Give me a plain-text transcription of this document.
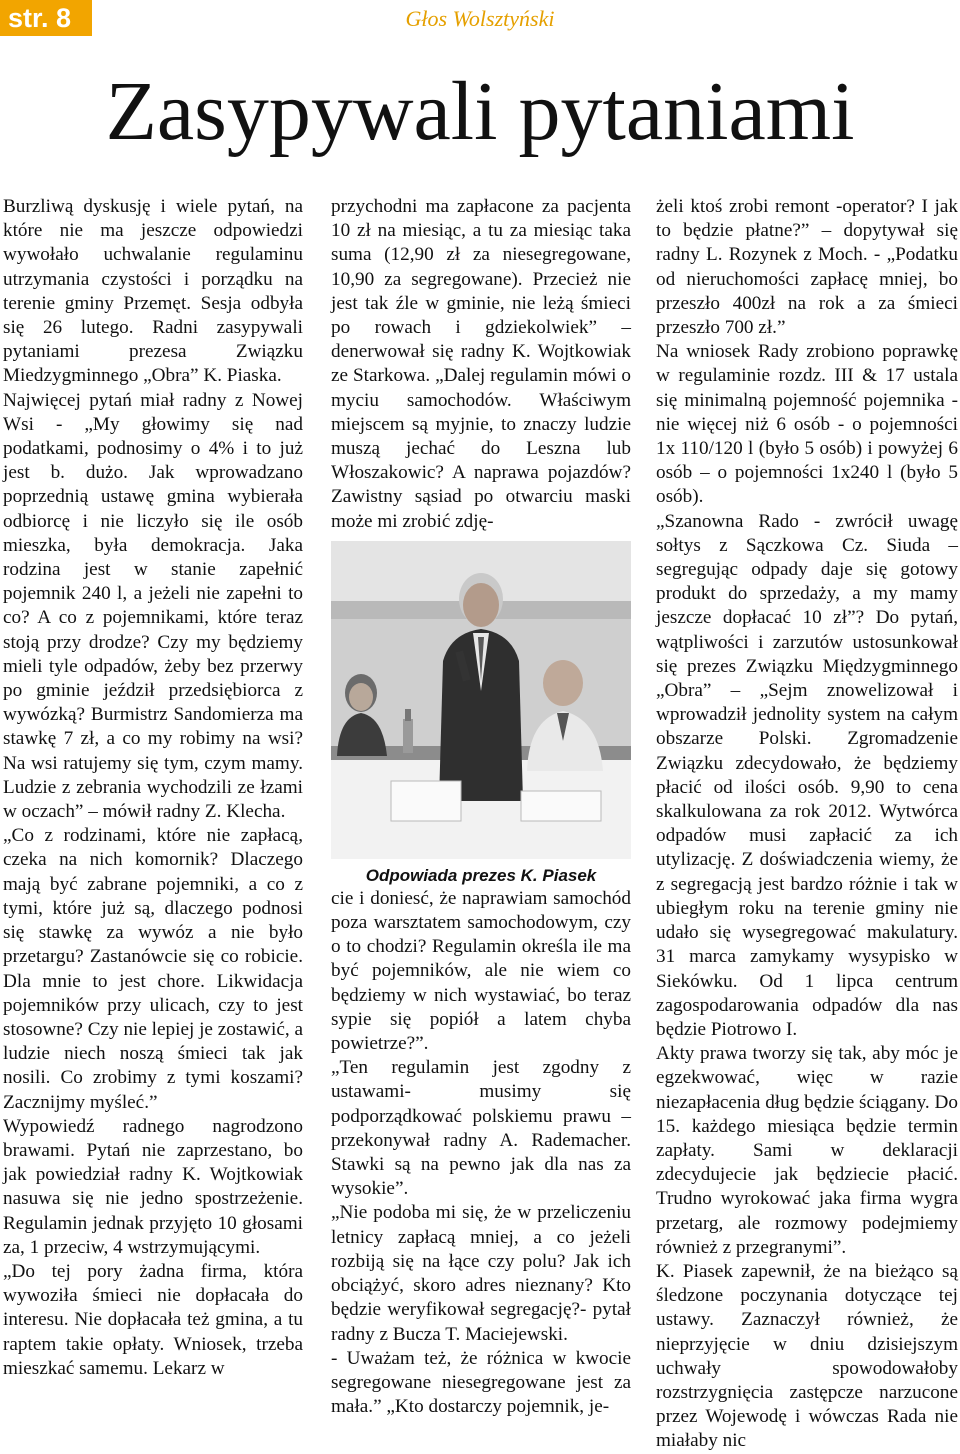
str. 8	Głos Wolsztyński
Zasypywali pytaniami

Burzliwą dyskusję i wiele pytań, na które nie ma jeszcze odpowiedzi wywołało uchwalanie regulaminu utrzymania czystości i porządku na terenie gminy Przemęt. Sesja odbyła się 26 lutego. Radni zasypywali pytaniami prezesa Związku Miedzygminnego „Obra” K. Piaska.

Najwięcej pytań miał radny z Nowej Wsi - „My głowimy się nad podatkami, podnosimy o 4% i to już jest b. dużo. Jak wprowadzano poprzednią ustawę gmina wybierała odbiorcę i nie liczyło się ile osób mieszka, była demokracja. Jaka rodzina jest w stanie zapełnić pojemnik 240 l, a jeżeli nie zapełni to co? A co z pojemnikami, które teraz stoją przy drodze? Czy my będziemy mieli tyle odpadów, żeby bez przerwy po gminie jeździł przedsiębiorca z wywózką? Burmistrz Sandomierza ma stawkę 7 zł, a co my robimy na wsi? Na wsi ratujemy się tym, czym mamy. Ludzie z zebrania wychodzili ze łzami w oczach” – mówił radny Z. Klecha.

„Co z rodzinami, które nie zapłacą, czeka na nich komornik? Dlaczego mają być zabrane pojemniki, a co z tymi, które już są, dlaczego podnosi się stawkę za wywóz a nie było przetargu? Zastanówcie się co robicie. Dla mnie to jest chore. Likwidacja pojemników przy ulicach, czy to jest stosowne? Czy nie lepiej je zostawić, a ludzie niech noszą śmieci tak jak nosili. Co zrobimy z tymi koszami? Zacznijmy myśleć.”

Wypowiedź radnego nagrodzono brawami. Pytań nie zaprzestano, bo jak powiedział radny K. Wojtkowiak nasuwa się nie jedno spostrzeżenie. Regulamin jednak przyjęto 10 głosami za, 1 przeciw, 4 wstrzymującymi.

„Do tej pory żadna firma, która wywoziła śmieci nie dopłacała do interesu. Nie dopłacała też gmina, a tu raptem takie opłaty. Wniosek, trzeba mieszkać samemu. Lekarz w

przychodni ma zapłacone za pacjenta 10 zł na miesiąc, a tu za miesiąc taka suma (12,90 zł za niesegregowane, 10,90 za segregowane). Przecież nie jest tak źle w gminie, nie leżą śmieci po rowach i gdziekolwiek” – denerwował się radny K. Wojtkowiak ze Starkowa. „Dalej regulamin mówi o myciu samochodów. Właściwym miejscem są myjnie, to znaczy ludzie muszą jechać do Leszna lub Włoszakowic? A naprawa pojazdów? Zawistny sąsiad po otwarciu maski może mi zrobić zdję-

Odpowiada prezes K. Piasek

cie i doniesć, że naprawiam samochód poza warsztatem samochodowym, czy o to chodzi? Regulamin określa ile ma być pojemników, ale nie wiem co będziemy w nich wystawiać, bo teraz sypie się popiół a latem chyba powietrze?”.

„Ten regulamin jest zgodny z ustawami- musimy się podporządkować polskiemu prawu –przekonywał radny A. Rademacher. Stawki są na pewno jak dla nas za wysokie”.

„Nie podoba mi się, że w przeliczeniu letnicy zapłacą mniej, a co jeżeli rozbiją się na łące czy polu? Jak ich obciążyć, skoro adres nieznany? Kto będzie weryfikował segregację?- pytał radny z Bucza T. Maciejewski.

- Uważam też, że różnica w kwocie segregowane niesegregowane jest za mała.” „Kto dostarczy pojemnik, je-

żeli ktoś zrobi remont -operator? I jak to będzie płatne?” – dopytywał się radny L. Rozynek z Moch. - „Podatku od nieruchomości zapłacę mniej, bo przeszło 400zł na rok a za śmieci przeszło 700 zł.”

Na wniosek Rady zrobiono poprawkę w regulaminie rozdz. III & 17 ustala się minimalną pojemność pojemnika - nie więcej niż 6 osób - o pojemności 1x 110/120 l (było 5 osób) i powyżej 6 osób – o pojemności 1x240 l (było 5 osób).

„Szanowna Rado - zwrócił uwagę sołtys z Sączkowa Cz. Siuda –segregując odpady daje się gotowy produkt do sprzedaży, a my mamy jeszcze dopłacać 10 zł”? Do pytań, wątpliwości i zarzutów ustosunkował się prezes Związku Międzygminnego „Obra” – „Sejm znowelizował i wprowadził jednolity system na całym obszarze Polski. Zgromadzenie Związku zdecydowało, że będziemy płacić od ilości osób. 9,90 to cena skalkulowana za rok 2012. Wytwórca odpadów musi zapłacić za ich utylizację. Z doświadczenia wiemy, że z segregacją jest bardzo różnie i tak w ubiegłym roku na terenie gminy nie udało się wysegregować makulatury. 31 marca zamykamy wysypisko w Siekówku. Od 1 lipca centrum zagospodarowania odpadów dla nas będzie Piotrowo I.

Akty prawa tworzy się tak, aby móc je egzekwować, więc w razie niezapłacenia dług będzie ściągany. Do 15. każdego miesiąca będzie termin zapłaty. Sami w deklaracji zdecydujecie jak będziecie płacić. Trudno wyrokować jaka firma wygra przetarg, ale rozmowy podejmiemy również z przegranymi”.

K. Piasek zapewnił, że na bieżąco są śledzone poczynania dotyczące tej ustawy. Zaznaczył również, że nieprzyjęcie w dniu dzisiejszym uchwały spowodowałoby rozstrzygnięcia zastępcze narzucone przez Wojewodę i wówczas Rada nie miałaby nic
